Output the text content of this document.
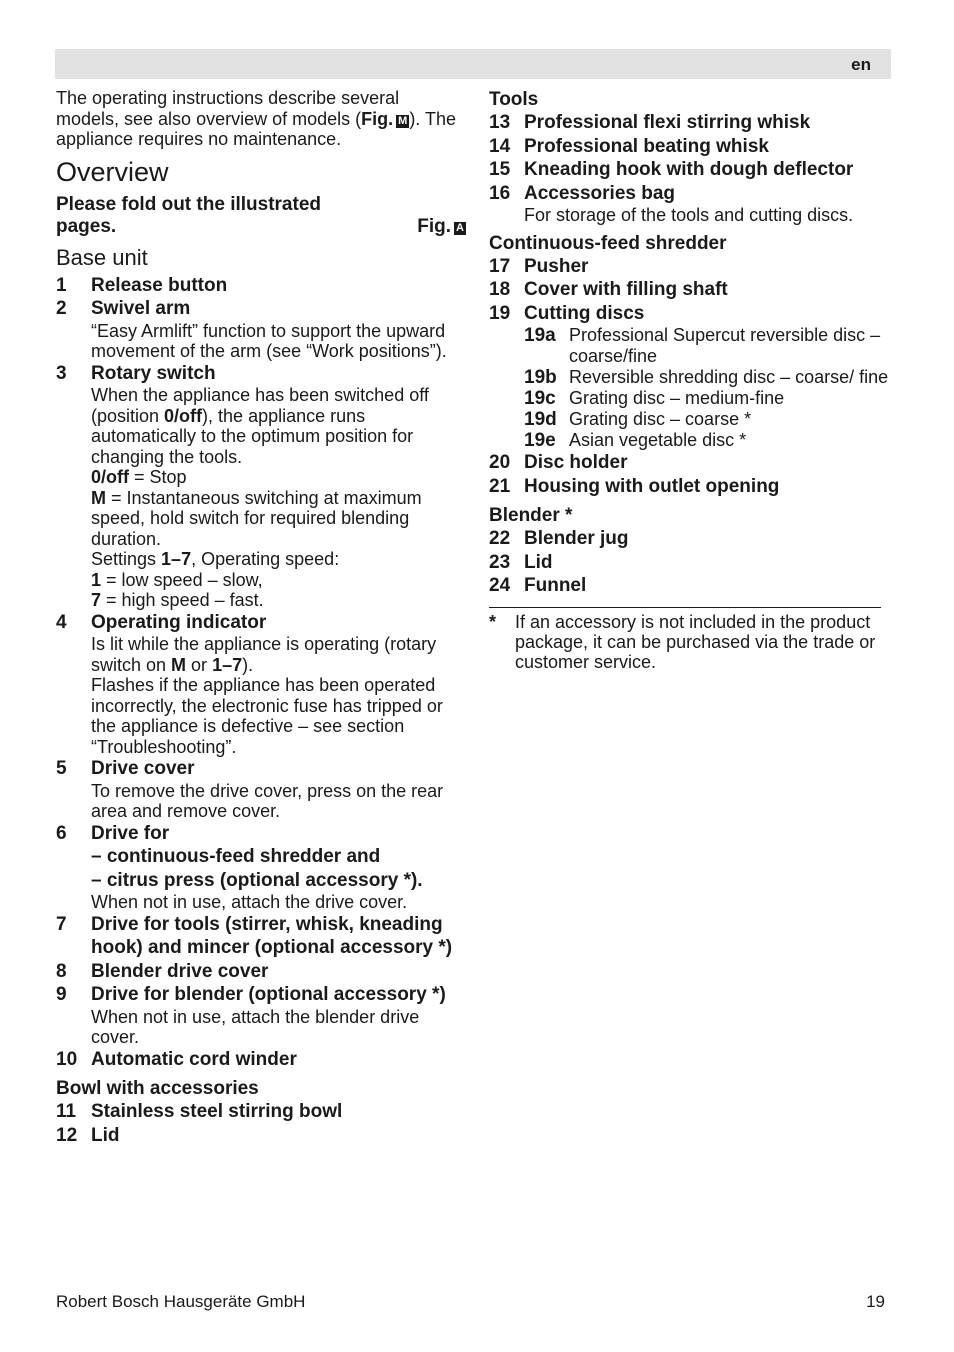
en
The operating instructions describe several models, see also overview of models (Fig. M ). The appliance requires no maintenance.
Overview
Please fold out the illustrated pages.	Fig. A
Base unit
1	Release button
2	Swivel arm
“Easy Armlift” function to support the upward movement of the arm (see “Work positions”).
3	Rotary switch
When the appliance has been switched off (position 0/off), the appliance runs automatically to the optimum position for changing the tools.
0/off = Stop
M = Instantaneous switching at maximum speed, hold switch for required blending duration.
Settings 1–7, Operating speed:
1 = low speed – slow,
7 = high speed – fast.
4	Operating indicator
Is lit while the appliance is operating (rotary switch on M or 1–7).
Flashes if the appliance has been operated incorrectly, the electronic fuse has tripped or the appliance is defective – see section “Troubleshooting”.
5	Drive cover
To remove the drive cover, press on the rear area and remove cover.
6	Drive for
– continuous-feed shredder and
– citrus press (optional accessory *).
When not in use, attach the drive cover.
7	Drive for tools (stirrer, whisk, kneading hook) and mincer (optional accessory *)
8	Blender drive cover
9	Drive for blender (optional accessory *)
When not in use, attach the blender drive cover.
10 Automatic cord winder
Bowl with accessories
11 Stainless steel stirring bowl
12 Lid
Tools
13 Professional flexi stirring whisk
14 Professional beating whisk
15 Kneading hook with dough deflector
16 Accessories bag
For storage of the tools and cutting discs.
Continuous-feed shredder
17 Pusher
18 Cover with filling shaft
19 Cutting discs
19a Professional Supercut reversible disc – coarse/fine
19b Reversible shredding disc – coarse/ fine
19c Grating disc – medium-fine
19d Grating disc – coarse *
19e Asian vegetable disc *
20 Disc holder
21 Housing with outlet opening
Blender *
22 Blender jug
23 Lid
24 Funnel
*	If an accessory is not included in the product package, it can be purchased via the trade or customer service.
Robert Bosch Hausgeräte GmbH	19
